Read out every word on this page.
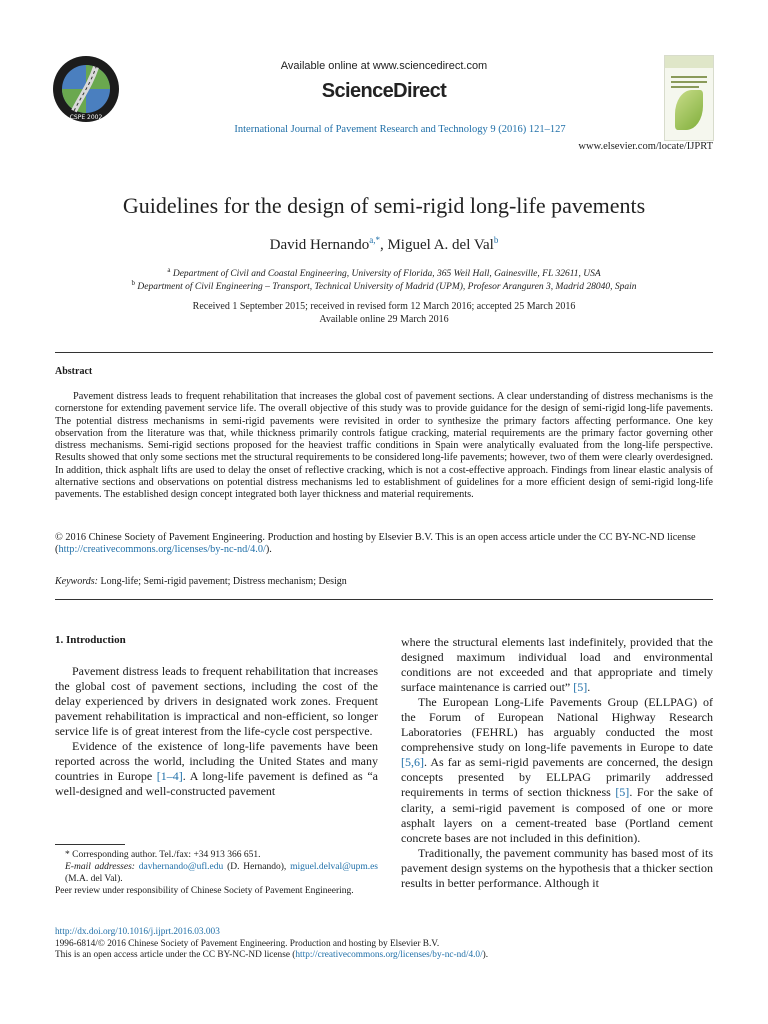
CSPE 2002
Available online at www.sciencedirect.com
ScienceDirect
International Journal of Pavement Research and Technology 9 (2016) 121–127
www.elsevier.com/locate/IJPRT
Guidelines for the design of semi-rigid long-life pavements
David Hernando$^{a,*}$, Miguel A. del Val$^b$
$^a$ Department of Civil and Coastal Engineering, University of Florida, 365 Weil Hall, Gainesville, FL 32611, USA
$^b$ Department of Civil Engineering – Transport, Technical University of Madrid (UPM), Profesor Aranguren 3, Madrid 28040, Spain
Received 1 September 2015; received in revised form 12 March 2016; accepted 25 March 2016
Available online 29 March 2016
Abstract

Pavement distress leads to frequent rehabilitation that increases the global cost of pavement sections. A clear understanding of distress mechanisms is the cornerstone for extending pavement service life. The overall objective of this study was to provide guidance for the design of semi-rigid long-life pavements. The potential distress mechanisms in semi-rigid pavements were revisited in order to synthesize the primary factors affecting performance. One key observation from the literature was that, while thickness primarily controls fatigue cracking, material requirements are the primary factor governing other distress mechanisms. Semi-rigid sections proposed for the heaviest traffic conditions in Spain were analytically evaluated from the long-life perspective. Results showed that only some sections met the structural requirements to be considered long-life pavements; however, two of them were clearly overdesigned. In addition, thick asphalt lifts are used to delay the onset of reflective cracking, which is not a cost-effective approach. Findings from linear elastic analysis of alternative sections and observations on potential distress mechanisms led to establishment of guidelines for a more efficient design of semi-rigid long-life pavements. The established design concept integrated both layer thickness and material requirements.

© 2016 Chinese Society of Pavement Engineering. Production and hosting by Elsevier B.V. This is an open access article under the CC BY-NC-ND license (http://creativecommons.org/licenses/by-nc-nd/4.0/).
Keywords: Long-life; Semi-rigid pavement; Distress mechanism; Design
1. Introduction

Pavement distress leads to frequent rehabilitation that increases the global cost of pavement sections, including the cost of the delay experienced by drivers in designated work zones. Frequent pavement rehabilitation is impractical and non-efficient, so longer service life is of great interest from the life-cycle cost perspective.

Evidence of the existence of long-life pavements have been reported across the world, including the United States and many countries in Europe [1–4]. A long-life pavement is defined as “a well-designed and well-constructed pavement

where the structural elements last indefinitely, provided that the designed maximum individual load and environmental conditions are not exceeded and that appropriate and timely surface maintenance is carried out” [5].

The European Long-Life Pavements Group (ELLPAG) of the Forum of European National Highway Research Laboratories (FEHRL) has arguably conducted the most comprehensive study on long-life pavements in Europe to date [5,6]. As far as semi-rigid pavements are concerned, the design concepts presented by ELLPAG primarily addressed requirements in terms of section thickness [5]. For the sake of clarity, a semi-rigid pavement is composed of one or more asphalt layers on a cement-treated base (Portland cement concrete bases are not included in this definition).

Traditionally, the pavement community has based most of its pavement design systems on the hypothesis that a thicker section results in better performance. Although it

* Corresponding author. Tel./fax: +34 913 366 651.

E-mail addresses: davhernando@ufl.edu (D. Hernando), miguel.delval@upm.es (M.A. del Val).

Peer review under responsibility of Chinese Society of Pavement Engineering.

http://dx.doi.org/10.1016/j.ijprt.2016.03.003

1996-6814/© 2016 Chinese Society of Pavement Engineering. Production and hosting by Elsevier B.V.

This is an open access article under the CC BY-NC-ND license (http://creativecommons.org/licenses/by-nc-nd/4.0/).
